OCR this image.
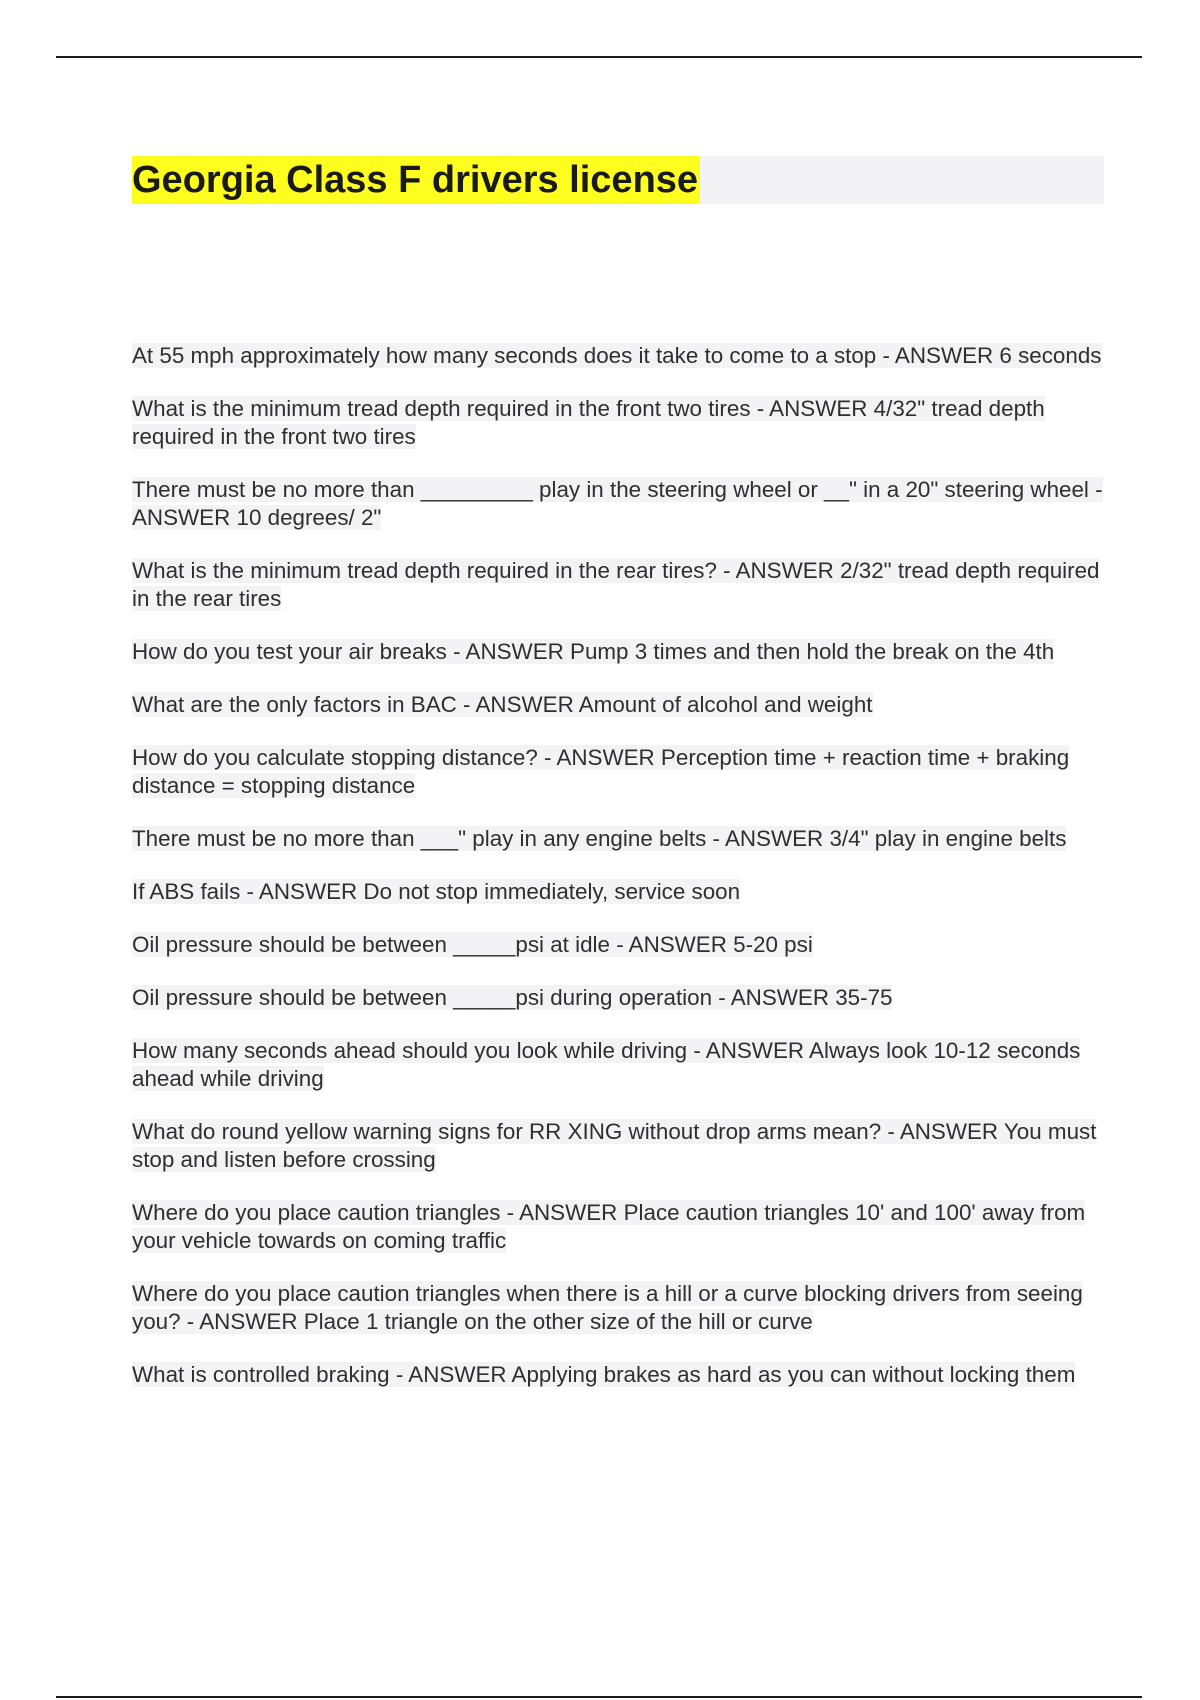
Georgia Class F drivers license
At 55 mph approximately how many seconds does it take to come to a stop - ANSWER 6 seconds
What is the minimum tread depth required in the front two tires - ANSWER 4/32" tread depth required in the front two tires
There must be no more than _________ play in the steering wheel or __" in a 20" steering wheel - ANSWER 10 degrees/ 2"
What is the minimum tread depth required in the rear tires? - ANSWER 2/32" tread depth required in the rear tires
How do you test your air breaks - ANSWER Pump 3 times and then hold the break on the 4th
What are the only factors in BAC - ANSWER Amount of alcohol and weight
How do you calculate stopping distance? - ANSWER Perception time + reaction time + braking distance = stopping distance
There must be no more than ___" play in any engine belts - ANSWER 3/4" play in engine belts
If ABS fails - ANSWER Do not stop immediately, service soon
Oil pressure should be between _____psi at idle - ANSWER 5-20 psi
Oil pressure should be between _____psi during operation - ANSWER 35-75
How many seconds ahead should you look while driving - ANSWER Always look 10-12 seconds ahead while driving
What do round yellow warning signs for RR XING without drop arms mean? - ANSWER You must stop and listen before crossing
Where do you place caution triangles - ANSWER Place caution triangles 10' and 100' away from your vehicle towards on coming traffic
Where do you place caution triangles when there is a hill or a curve blocking drivers from seeing you? - ANSWER Place 1 triangle on the other size of the hill or curve
What is controlled braking - ANSWER Applying brakes as hard as you can without locking them
